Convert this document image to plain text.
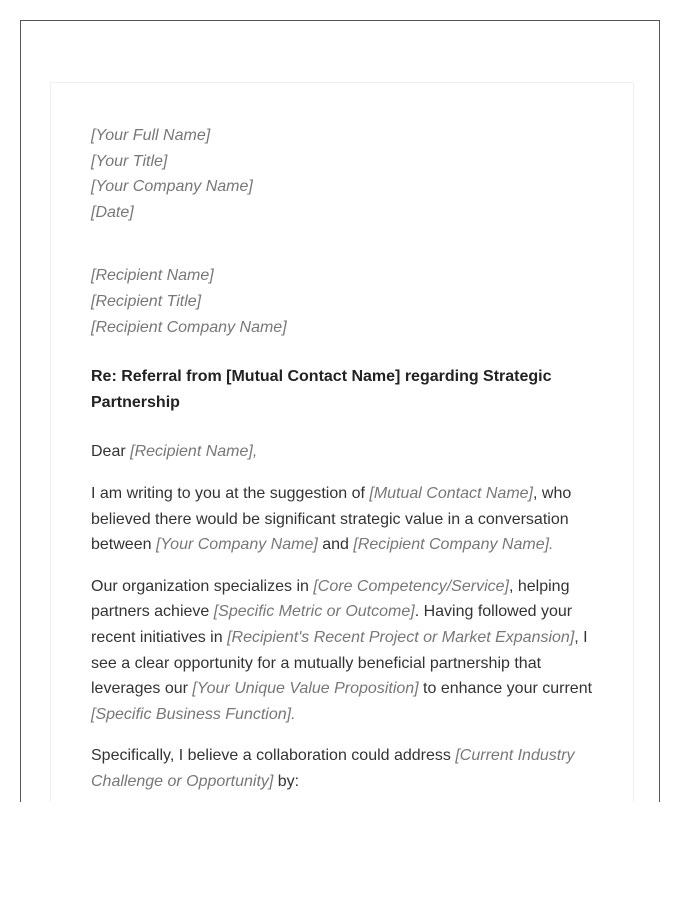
[Your Full Name]
[Your Title]
[Your Company Name]
[Date]
[Recipient Name]
[Recipient Title]
[Recipient Company Name]
Re: Referral from [Mutual Contact Name] regarding Strategic Partnership

Dear [Recipient Name],

I am writing to you at the suggestion of [Mutual Contact Name], who believed there would be significant strategic value in a conversation between [Your Company Name] and [Recipient Company Name].

Our organization specializes in [Core Competency/Service], helping partners achieve [Specific Metric or Outcome]. Having followed your recent initiatives in [Recipient's Recent Project or Market Expansion], I see a clear opportunity for a mutually beneficial partnership that leverages our [Your Unique Value Proposition] to enhance your current [Specific Business Function].

Specifically, I believe a collaboration could address [Current Industry Challenge or Opportunity] by:
